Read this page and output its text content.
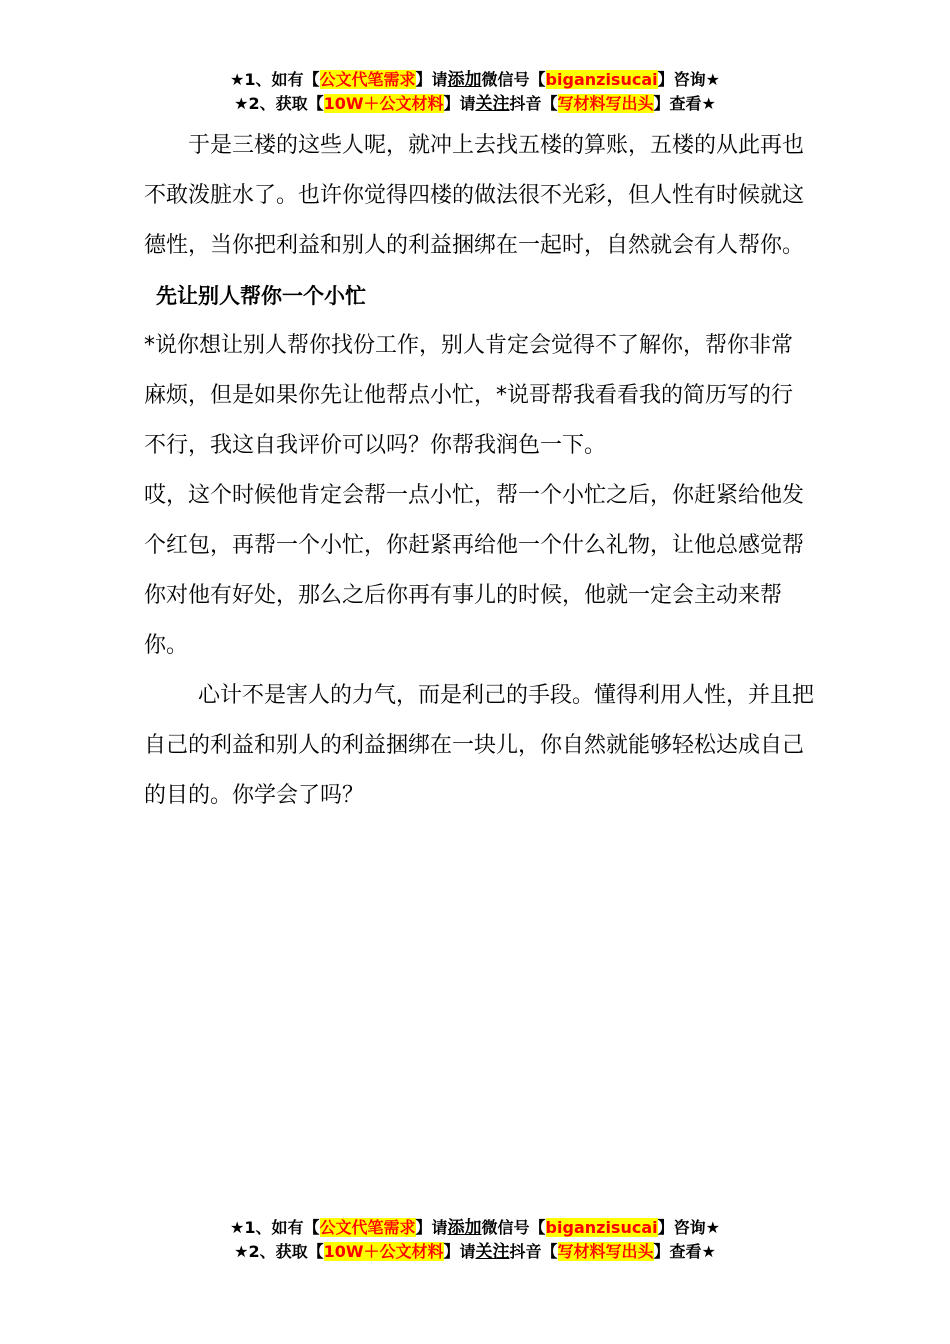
★1、如有【公文代笔需求】请添加微信号【biganzisucai】咨询★
★2、获取【10W＋公文材料】请关注抖音【写材料写出头】查看★

于是三楼的这些人呢，就冲上去找五楼的算账，五楼的从此再也不敢泼脏水了。也许你觉得四楼的做法很不光彩，但人性有时候就这德性，当你把利益和别人的利益捆绑在一起时，自然就会有人帮你。

先让别人帮你一个小忙

*说你想让别人帮你找份工作，别人肯定会觉得不了解你，帮你非常麻烦，但是如果你先让他帮点小忙，*说哥帮我看看我的简历写的行不行，我这自我评价可以吗？你帮我润色一下。

哎，这个时候他肯定会帮一点小忙，帮一个小忙之后，你赶紧给他发个红包，再帮一个小忙，你赶紧再给他一个什么礼物，让他总感觉帮你对他有好处，那么之后你再有事儿的时候，他就一定会主动来帮你。

心计不是害人的力气，而是利己的手段。懂得利用人性，并且把自己的利益和别人的利益捆绑在一块儿，你自然就能够轻松达成自己的目的。你学会了吗？

★1、如有【公文代笔需求】请添加微信号【biganzisucai】咨询★
★2、获取【10W＋公文材料】请关注抖音【写材料写出头】查看★
